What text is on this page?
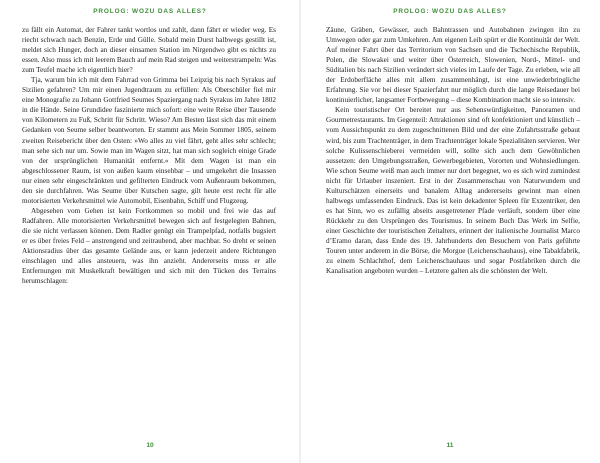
PROLOG: WOZU DAS ALLES?

zu fällt ein Automat, der Fahrer tankt wortlos und zahlt, dann fährt er wieder weg. Es riecht schwach nach Benzin, Erde und Gülle. Sobald mein Durst halbwegs gestillt ist, meldet sich Hunger, doch an dieser einsamen Station im Nirgendwo gibt es nichts zu essen. Also muss ich mit leerem Bauch auf mein Rad steigen und weiterstrampeln: Was zum Teufel mache ich eigentlich hier?

Tja, warum bin ich mit dem Fahrrad von Grimma bei Leipzig bis nach Syrakus auf Sizilien gefahren? Um mir einen Jugendtraum zu erfüllen: Als Oberschüler fiel mir eine Monografie zu Johann Gottfried Seumes Spaziergang nach Syrakus im Jahre 1802 in die Hände. Seine Grundidee faszinierte mich sofort: eine weite Reise über Tausende von Kilometern zu Fuß, Schritt für Schritt. Wieso? Am Besten lässt sich das mit einem Gedanken von Seume selber beantworten. Er stammt aus Mein Sommer 1805, seinem zweiten Reisebericht über den Osten: »Wo alles zu viel fährt, geht alles sehr schlecht; man sehe sich nur um. Sowie man im Wagen sitzt, hat man sich sogleich einige Grade von der ursprünglichen Humanität entfernt.« Mit dem Wagen ist man ein abgeschlossener Raum, ist von außen kaum einsehbar – und umgekehrt die Insassen nur einen sehr eingeschränkten und gefilterten Eindruck vom Außenraum bekommen, den sie durchfahren. Was Seume über Kutschen sagte, gilt heute erst recht für alle motorisierten Verkehrsmittel wie Automobil, Eisenbahn, Schiff und Flugzeug.

Abgesehen vom Gehen ist kein Fortkommen so mobil und frei wie das auf Radfahren. Alle motorisierten Verkehrsmittel bewegen sich auf festgelegten Bahnen, die sie nicht verlassen können. Dem Radler genügt ein Trampelpfad, notfalls bugsiert er es über freies Feld – anstrengend und zeitraubend, aber machbar. So dreht er seinen Aktionsradius über das gesamte Gelände aus, er kann jederzeit andere Richtungen einschlagen und alles ansteuern, was ihn anzieht. Andererseits muss er alle Entfernungen mit Muskelkraft bewältigen und sich mit den Tücken des Terrains herumschlagen:

10
PROLOG: WOZU DAS ALLES?

Zäune, Gräben, Gewässer, auch Bahntrassen und Autobahnen zwingen ihn zu Umwegen oder gar zum Umkehren. Am eigenen Leib spürt er die Kontinuität der Welt. Auf meiner Fahrt über das Territorium von Sachsen und die Tschechische Republik, Polen, die Slowakei und weiter über Österreich, Slowenien, Nord-, Mittel- und Süditalien bis nach Sizilien verändert sich vieles im Laufe der Tage. Zu erleben, wie all der Erdoberfläche alles mit allem zusammenhängt, ist eine unwiederbringliche Erfahrung. Sie vor bei dieser Spazierfahrt nur möglich durch die lange Reisedauer bei kontinuierlicher, langsamer Fortbewegung – diese Kombination macht sie so intensiv.

Kein touristischer Ort bereitet nur aus Sehenswürdigkeiten, Panoramen und Gourmetrestaurants. Im Gegenteil: Attraktionen sind oft konfektioniert und künstlich – vom Aussichtspunkt zu dem zugeschnittenen Bild und der eine Zufahrtsstraße gebaut wird, bis zum Trachtenträger, in dem Trachtenträger lokale Spezialitäten servieren. Wer solche Kulissenschieberei vermeiden will, sollte sich auch dem Gewöhnlichen aussetzen: den Umgebungsstraßen, Gewerbegebieten, Vororten und Wohnsiedlungen. Wie schon Seume weiß man auch immer nur dort begegnet, wo es sich wird zumindest nicht für Urlauber inszeniert. Erst in der Zusammenschau von Naturwundern und Kulturschätzen einerseits und banalem Alltag andererseits gewinnt man einen halbwegs umfassenden Eindruck. Das ist kein dekadenter Spleen für Exzentriker, den es hat Sinn, wo es zufällig abseits ausgetretener Pfade verläuft, sondern über eine Rückkehr zu den Ursprüngen des Tourismus. In seinem Buch Das Werk im Selfie, einer Geschichte der touristischen Zeitalters, erinnert der italienische Journalist Marco d’Eramo daran, dass Ende des 19. Jahrhunderts den Besuchern von Paris geführte Touren unter anderem in die Börse, die Morgue (Leichenschauhaus), eine Tabakfabrik, zu einem Schlachthof, dem Leichenschauhaus und sogar Postfabriken durch die Kanalisation angeboten wurden – Letztere galten als die schönsten der Welt.

11
